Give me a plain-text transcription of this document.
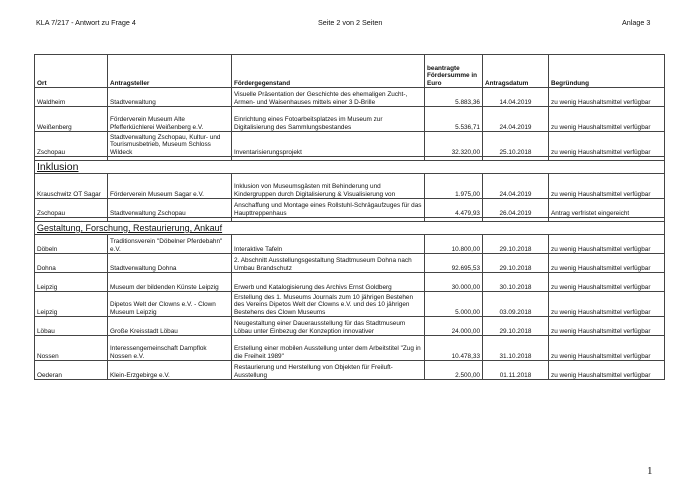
KLA 7/217 - Antwort zu Frage 4	Seite 2 von 2 Seiten	Anlage 3
Ort	Antragsteller	Fördergegenstand	beantragte Fördersumme in Euro	Antragsdatum	Begründung
Waldheim	Stadtverwaltung	Visuelle Präsentation der Geschichte des ehemaligen Zucht-, Armen- und Waisenhauses mittels einer 3 D-Brille	5.883,36	14.04.2019	zu wenig Haushaltsmittel verfügbar
Weißenberg	Förderverein Museum Alte Pfefferküchlerei Weißenberg e.V.	Einrichtung eines Fotoarbeitsplatzes im Museum zur Digitalisierung des Sammlungsbestandes	5.536,71	24.04.2019	zu wenig Haushaltsmittel verfügbar
Zschopau	Stadtverwaltung Zschopau, Kultur- und Tourismusbetrieb, Museum Schloss Wildeck	Inventarisierungsprojekt	32.320,00	25.10.2018	zu wenig Haushaltsmittel verfügbar

Inklusion					
Krauschwitz OT Sagar	Förderverein Museum Sagar e.V.	Inklusion von Museumsgästen mit Behinderung und Kindergruppen durch Digitalisierung & Visualisierung von	1.975,00	24.04.2019	zu wenig Haushaltsmittel verfügbar
Zschopau	Stadtverwaltung Zschopau	Anschaffung und Montage eines Rollstuhl-Schrägaufzuges für das Haupttreppenhaus	4.479,93	26.04.2019	Antrag verfristet eingereicht

Gestaltung, Forschung, Restaurierung, Ankauf					
Döbeln	Traditionsverein "Döbelner Pferdebahn" e.V.	Interaktive Tafeln	10.800,00	29.10.2018	zu wenig Haushaltsmittel verfügbar
Dohna	Stadtverwaltung Dohna	2. Abschnitt Ausstellungsgestaltung Stadtmuseum Dohna nach Umbau Brandschutz	92.695,53	29.10.2018	zu wenig Haushaltsmittel verfügbar
Leipzig	Museum der bildenden Künste Leipzig	Erwerb und Katalogisierung des Archivs Ernst Goldberg	30.000,00	30.10.2018	zu wenig Haushaltsmittel verfügbar
Leipzig	Dipetos Welt der Clowns e.V. - Clown Museum Leipzig	Erstellung des 1. Museums Journals zum 10 jährigen Bestehen des Vereins Dipetos Welt der Clowns e.V. und des 10 jährigen Bestehens des Clown Museums	5.000,00	03.09.2018	zu wenig Haushaltsmittel verfügbar
Löbau	Große Kreisstadt Löbau	Neugestaltung einer Dauerausstellung für das Stadtmuseum Löbau unter Einbezug der Konzeption innovativer	24.000,00	29.10.2018	zu wenig Haushaltsmittel verfügbar
Nossen	Interessengemeinschaft Dampflok Nossen e.V.	Erstellung einer mobilen Ausstellung unter dem Arbeitstitel "Zug in die Freiheit 1989"	10.478,33	31.10.2018	zu wenig Haushaltsmittel verfügbar
Oederan	Klein-Erzgebirge e.V.	Restaurierung und Herstellung von Objekten für Freiluft-Ausstellung	2.500,00	01.11.2018	zu wenig Haushaltsmittel verfügbar
1
